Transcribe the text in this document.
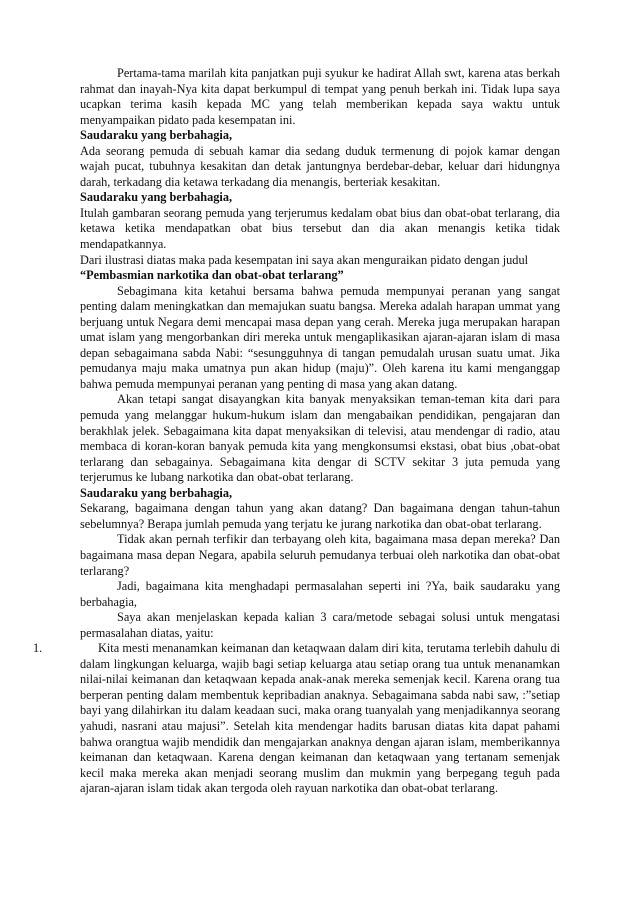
Pertama-tama marilah kita panjatkan puji syukur ke hadirat Allah swt, karena atas berkah rahmat dan inayah-Nya kita dapat berkumpul di tempat yang penuh berkah ini. Tidak lupa saya ucapkan terima kasih kepada MC yang telah memberikan kepada saya waktu untuk menyampaikan pidato pada kesempatan ini.

Saudaraku yang berbahagia,

Ada seorang pemuda di sebuah kamar dia sedang duduk termenung di pojok kamar dengan wajah pucat, tubuhnya kesakitan dan detak jantungnya berdebar-debar, keluar dari hidungnya darah, terkadang dia ketawa terkadang dia menangis, berteriak kesakitan.

Saudaraku yang berbahagia,

Itulah gambaran seorang pemuda yang terjerumus kedalam obat bius dan obat-obat terlarang, dia ketawa ketika mendapatkan obat bius tersebut dan dia akan menangis ketika tidak mendapatkannya.

Dari ilustrasi diatas maka pada kesempatan ini saya akan menguraikan pidato dengan judul

“Pembasmian narkotika dan obat-obat terlarang”

Sebagimana kita ketahui bersama bahwa pemuda mempunyai peranan yang sangat penting dalam meningkatkan dan memajukan suatu bangsa. Mereka adalah harapan ummat yang berjuang untuk Negara demi mencapai masa depan yang cerah. Mereka juga merupakan harapan umat islam yang mengorbankan diri mereka untuk mengaplikasikan ajaran-ajaran islam di masa depan sebagaimana sabda Nabi: “sesungguhnya di tangan pemudalah urusan suatu umat. Jika pemudanya maju maka umatnya pun akan hidup (maju)”. Oleh karena itu kami menganggap bahwa pemuda mempunyai peranan yang penting di masa yang akan datang.

Akan tetapi sangat disayangkan kita banyak menyaksikan teman-teman kita dari para pemuda yang melanggar hukum-hukum islam dan mengabaikan pendidikan, pengajaran dan berakhlak jelek. Sebagaimana kita dapat menyaksikan di televisi, atau mendengar di radio, atau membaca di koran-koran banyak pemuda kita yang mengkonsumsi ekstasi, obat bius ,obat-obat terlarang dan sebagainya. Sebagaimana kita dengar di SCTV sekitar 3 juta pemuda yang terjerumus ke lubang narkotika dan obat-obat terlarang.

Saudaraku yang berbahagia,

Sekarang, bagaimana dengan tahun yang akan datang? Dan bagaimana dengan tahun-tahun sebelumnya? Berapa jumlah pemuda yang terjatu ke jurang narkotika dan obat-obat terlarang.

Tidak akan pernah terfikir dan terbayang oleh kita, bagaimana masa depan mereka? Dan bagaimana masa depan Negara, apabila seluruh pemudanya terbuai oleh narkotika dan obat-obat terlarang?

Jadi, bagaimana kita menghadapi permasalahan seperti ini ?Ya, baik saudaraku yang berbahagia,

Saya akan menjelaskan kepada kalian 3 cara/metode sebagai solusi untuk mengatasi permasalahan diatas, yaitu:

1.	Kita mesti menanamkan keimanan dan ketaqwaan dalam diri kita, terutama terlebih dahulu di dalam lingkungan keluarga, wajib bagi setiap keluarga atau setiap orang tua untuk menanamkan nilai-nilai keimanan dan ketaqwaan kepada anak-anak mereka semenjak kecil. Karena orang tua berperan penting dalam membentuk kepribadian anaknya. Sebagaimana sabda nabi saw, :”setiap bayi yang dilahirkan itu dalam keadaan suci, maka orang tuanyalah yang menjadikannya seorang yahudi, nasrani atau majusi”. Setelah kita mendengar hadits barusan diatas kita dapat pahami bahwa orangtua wajib mendidik dan mengajarkan anaknya dengan ajaran islam, memberikannya keimanan dan ketaqwaan. Karena dengan keimanan dan ketaqwaan yang tertanam semenjak kecil maka mereka akan menjadi seorang muslim dan mukmin yang berpegang teguh pada ajaran-ajaran islam tidak akan tergoda oleh rayuan narkotika dan obat-obat terlarang.
